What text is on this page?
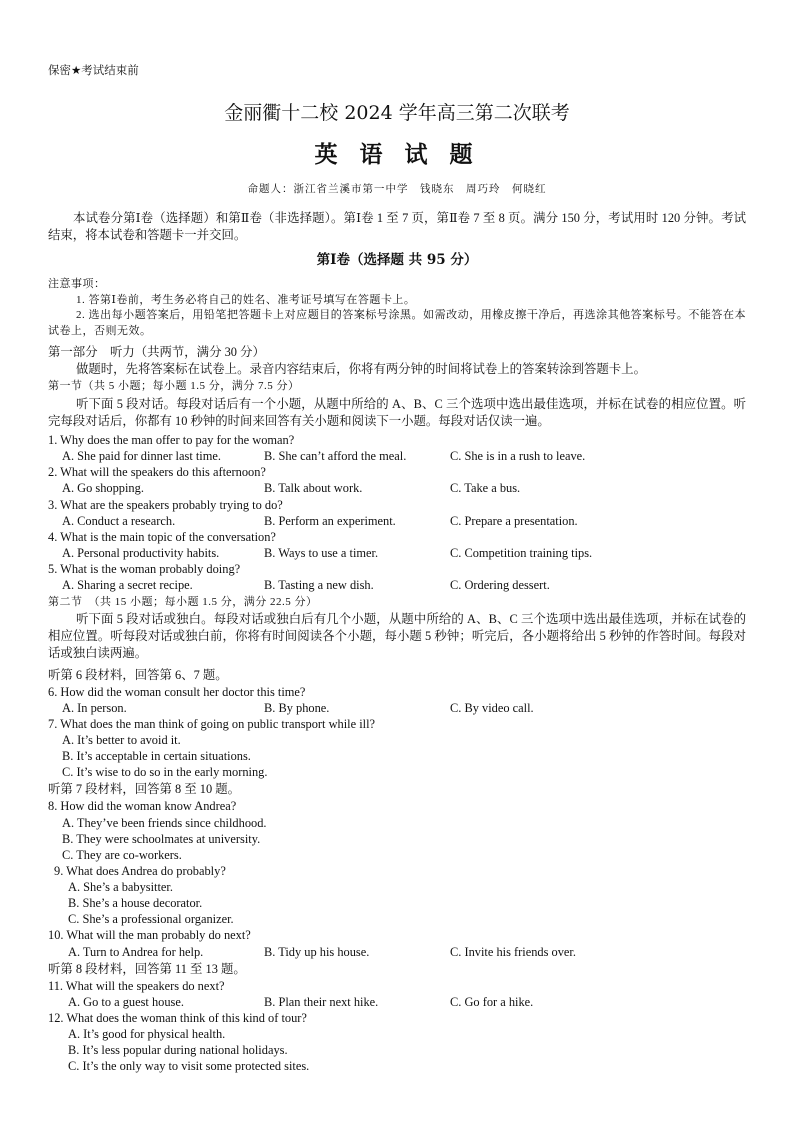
保密★考试结束前
金丽衢十二校 2024 学年高三第二次联考
英 语 试 题
命题人：浙江省兰溪市第一中学　钱晓东　周巧玲　何晓红
本试卷分第Ⅰ卷（选择题）和第Ⅱ卷（非选择题）。第Ⅰ卷 1 至 7 页，第Ⅱ卷 7 至 8 页。满分 150 分，考试用时 120 分钟。考试结束，将本试卷和答题卡一并交回。
第Ⅰ卷（选择题 共 95 分）
注意事项：
1. 答第Ⅰ卷前，考生务必将自己的姓名、准考证号填写在答题卡上。
2. 选出每小题答案后，用铅笔把答题卡上对应题目的答案标号涂黑。如需改动，用橡皮擦干净后，再选涂其他答案标号。不能答在本试卷上，否则无效。
第一部分　听力（共两节，满分 30 分）
做题时，先将答案标在试卷上。录音内容结束后，你将有两分钟的时间将试卷上的答案转涂到答题卡上。
第一节（共 5 小题；每小题 1.5 分，满分 7.5 分）
听下面 5 段对话。每段对话后有一个小题，从题中所给的 A、B、C 三个选项中选出最佳选项，并标在试卷的相应位置。听完每段对话后，你都有 10 秒钟的时间来回答有关小题和阅读下一小题。每段对话仅读一遍。
1. Why does the man offer to pay for the woman?
A. She paid for dinner last time.	B. She can’t afford the meal.	C. She is in a rush to leave.
2. What will the speakers do this afternoon?
A. Go shopping.	B. Talk about work.	C. Take a bus.
3. What are the speakers probably trying to do?
A. Conduct a research.	B. Perform an experiment.	C. Prepare a presentation.
4. What is the main topic of the conversation?
A. Personal productivity habits.	B. Ways to use a timer.	C. Competition training tips.
5. What is the woman probably doing?
A. Sharing a secret recipe.	B. Tasting a new dish.	C. Ordering dessert.
第二节　（共 15 小题；每小题 1.5 分，满分 22.5 分）
听下面 5 段对话或独白。每段对话或独白后有几个小题，从题中所给的 A、B、C 三个选项中选出最佳选项，并标在试卷的相应位置。听每段对话或独白前，你将有时间阅读各个小题，每小题 5 秒钟；听完后，各小题将给出 5 秒钟的作答时间。每段对话或独白读两遍。
听第 6 段材料，回答第 6、7 题。
6. How did the woman consult her doctor this time?
A. In person.	B. By phone.	C. By video call.
7. What does the man think of going on public transport while ill?
A. It’s better to avoid it.
B. It’s acceptable in certain situations.
C. It’s wise to do so in the early morning.
听第 7 段材料，回答第 8 至 10 题。
8. How did the woman know Andrea?
A. They’ve been friends since childhood.
B. They were schoolmates at university.
C. They are co-workers.
9. What does Andrea do probably?
A. She’s a babysitter.
B. She’s a house decorator.
C. She’s a professional organizer.
10. What will the man probably do next?
A. Turn to Andrea for help.	B. Tidy up his house.	C. Invite his friends over.
听第 8 段材料，回答第 11 至 13 题。
11. What will the speakers do next?
A. Go to a guest house.	B. Plan their next hike.	C. Go for a hike.
12. What does the woman think of this kind of tour?
A. It’s good for physical health.
B. It’s less popular during national holidays.
C. It’s the only way to visit some protected sites.
